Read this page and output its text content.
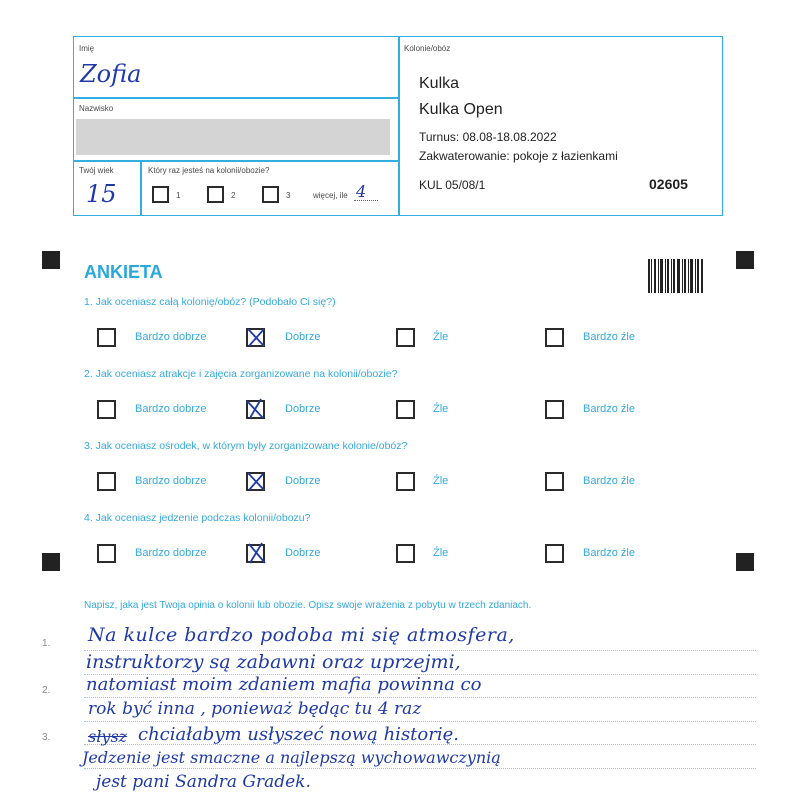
Imię
Zofia
Nazwisko
Twój wiek
15
Który raz jesteś na kolonii/obozie?
1	2	3	więcej, ile 4
Kolonie/obóz
Kulka
Kulka Open
Turnus: 08.08-18.08.2022
Zakwaterowanie: pokoje z łazienkami
KUL 05/08/1	02605
ANKIETA
1. Jak oceniasz całą kolonię/obóz? (Podobało Ci się?)
2. Jak oceniasz atrakcje i zajęcia zorganizowane na kolonii/obozie?
3. Jak oceniasz ośrodek, w którym były zorganizowane kolonie/obóz?
4. Jak oceniasz jedzenie podczas kolonii/obozu?
Bardzo dobrze	Dobrze	Źle	Bardzo źle
Bardzo dobrze	Dobrze	Źle	Bardzo źle
Bardzo dobrze	Dobrze	Źle	Bardzo źle
Bardzo dobrze	Dobrze	Źle	Bardzo źle
Napisz, jaka jest Twoja opinia o kolonii lub obozie. Opisz swoje wrażenia z pobytu w trzech zdaniach.
1.
2.
3.
Na kulce bardzo podoba mi się atmosfera,
instruktorzy są zabawni oraz uprzejmi,
natomiast moim zdaniem mafia powinna co
rok być inna , ponieważ będąc tu 4 raz
słysz chciałabym usłyszeć nową historię.
Jedzenie jest smaczne a najlepszą wychowawczynią
jest pani Sandra Gradek.
